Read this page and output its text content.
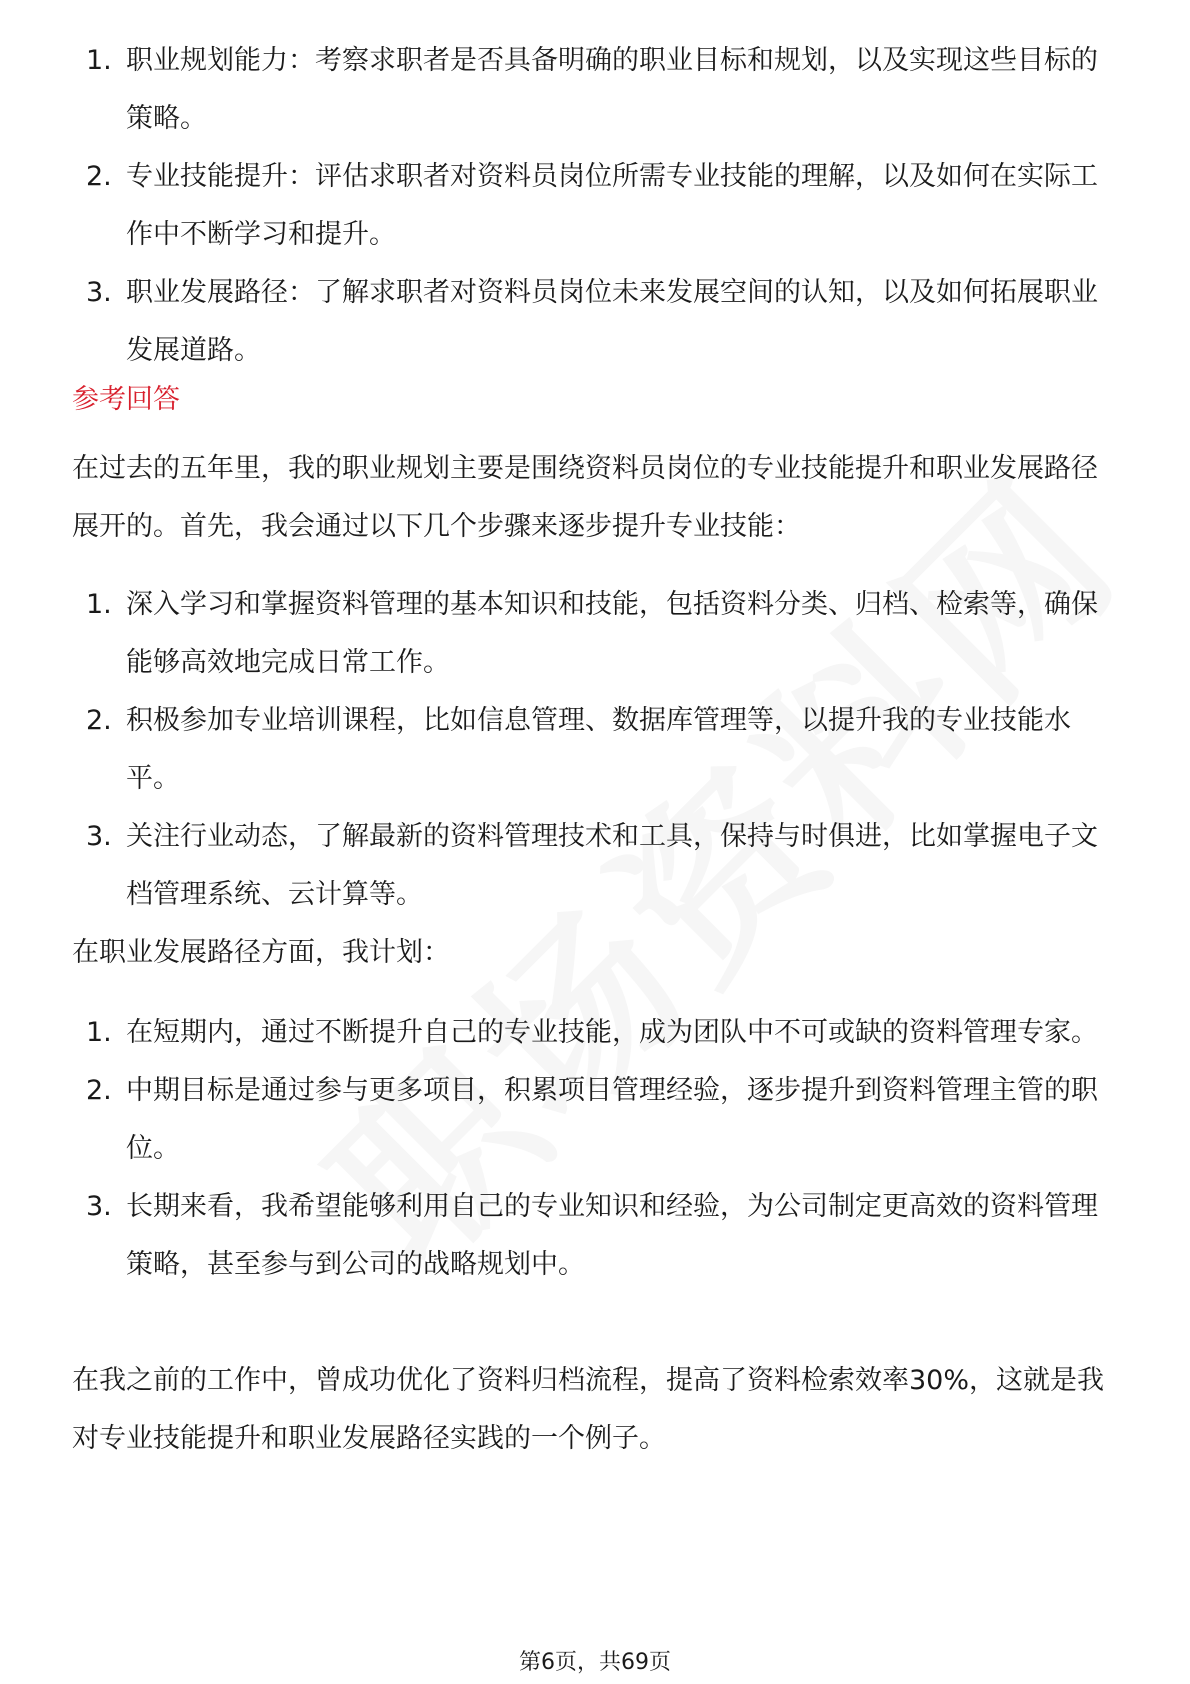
1. 职业规划能力：考察求职者是否具备明确的职业目标和规划，以及实现这些目标的策略。
2. 专业技能提升：评估求职者对资料员岗位所需专业技能的理解，以及如何在实际工作中不断学习和提升。
3. 职业发展路径：了解求职者对资料员岗位未来发展空间的认知，以及如何拓展职业发展道路。
参考回答

在过去的五年里，我的职业规划主要是围绕资料员岗位的专业技能提升和职业发展路径展开的。首先，我会通过以下几个步骤来逐步提升专业技能：

1. 深入学习和掌握资料管理的基本知识和技能，包括资料分类、归档、检索等，确保能够高效地完成日常工作。
2. 积极参加专业培训课程，比如信息管理、数据库管理等，以提升我的专业技能水平。
3. 关注行业动态，了解最新的资料管理技术和工具，保持与时俱进，比如掌握电子文档管理系统、云计算等。

在职业发展路径方面，我计划：

1. 在短期内，通过不断提升自己的专业技能，成为团队中不可或缺的资料管理专家。
2. 中期目标是通过参与更多项目，积累项目管理经验，逐步提升到资料管理主管的职位。
3. 长期来看，我希望能够利用自己的专业知识和经验，为公司制定更高效的资料管理策略，甚至参与到公司的战略规划中。

在我之前的工作中，曾成功优化了资料归档流程，提高了资料检索效率30%，这就是我对专业技能提升和职业发展路径实践的一个例子。

第6页，共69页
